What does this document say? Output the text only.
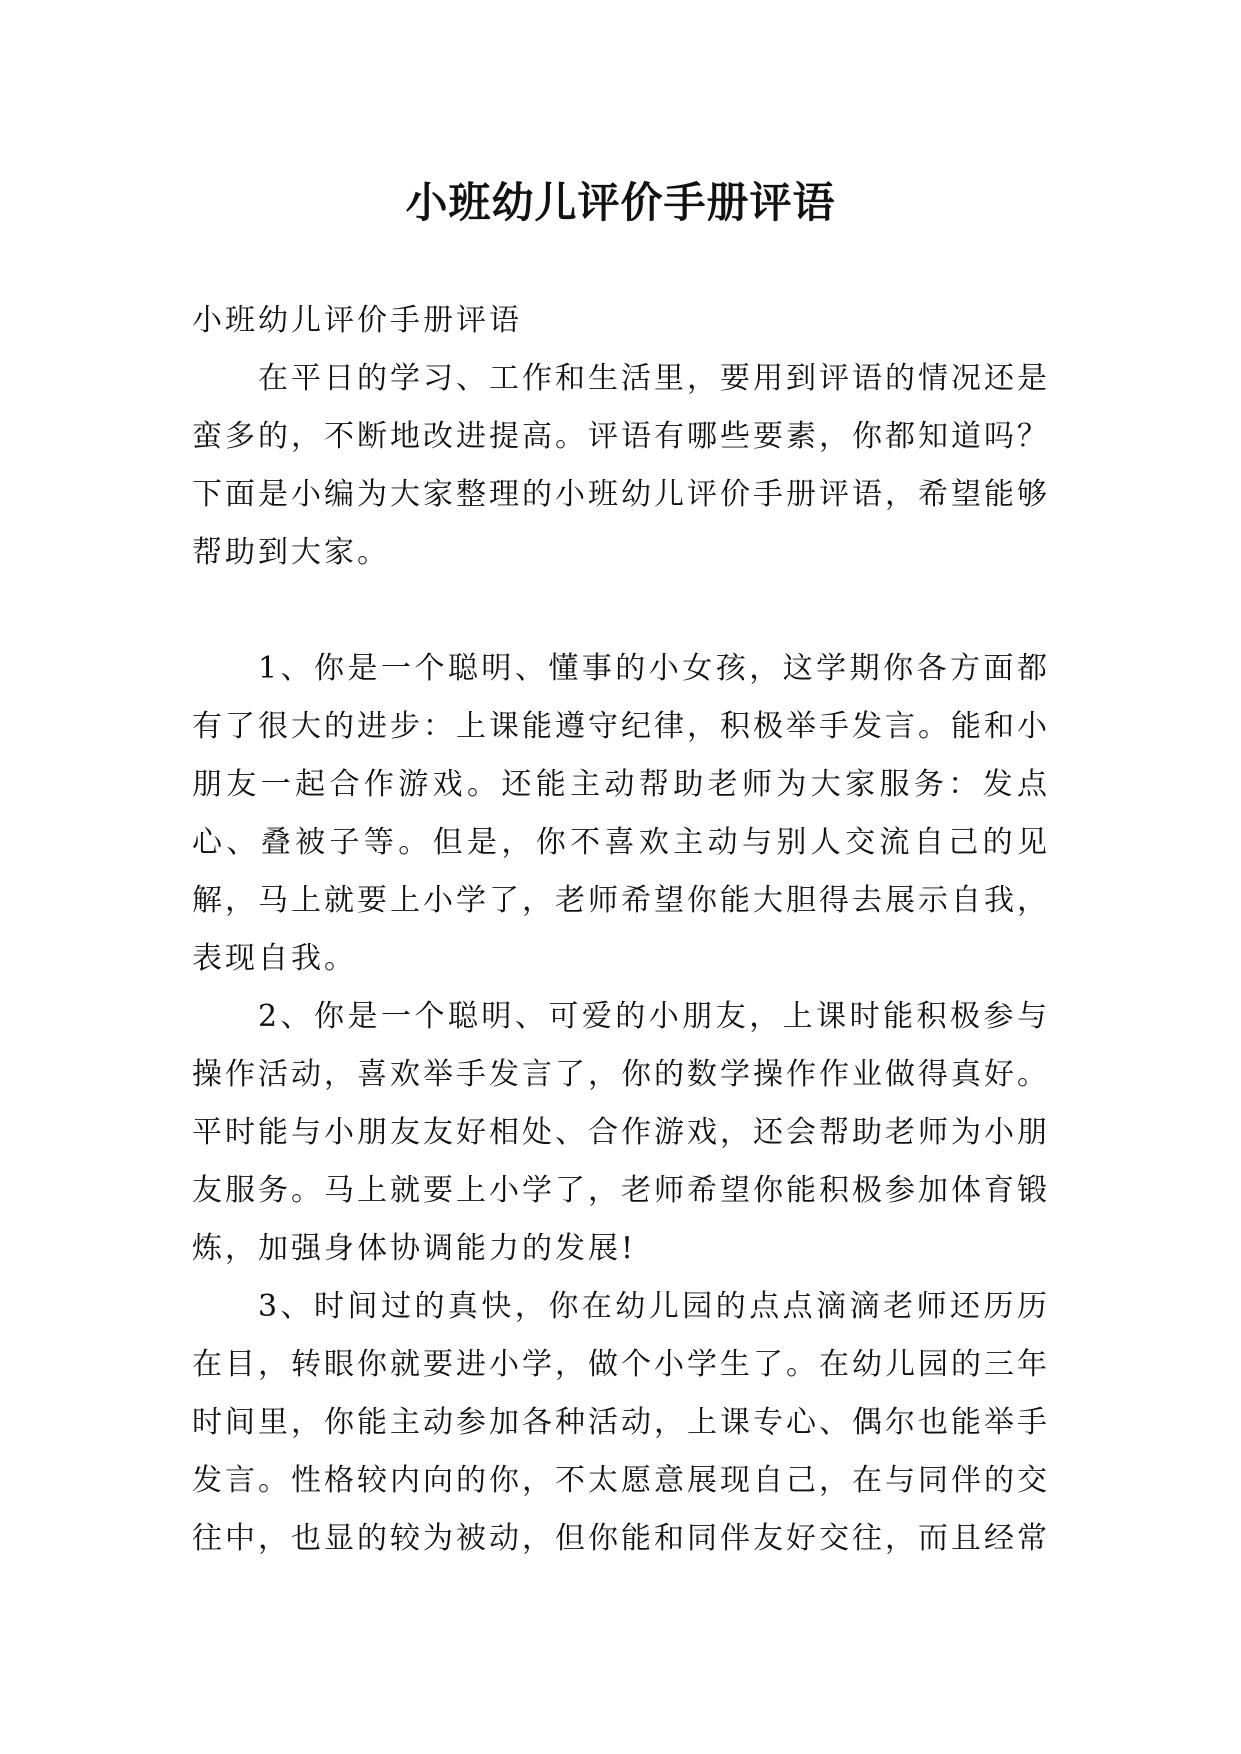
小班幼儿评价手册评语

小班幼儿评价手册评语

在平日的学习、工作和生活里，要用到评语的情况还是蛮多的，不断地改进提高。评语有哪些要素，你都知道吗？下面是小编为大家整理的小班幼儿评价手册评语，希望能够帮助到大家。

1、你是一个聪明、懂事的小女孩，这学期你各方面都有了很大的进步：上课能遵守纪律，积极举手发言。能和小朋友一起合作游戏。还能主动帮助老师为大家服务：发点心、叠被子等。但是，你不喜欢主动与别人交流自己的见解，马上就要上小学了，老师希望你能大胆得去展示自我，表现自我。

2、你是一个聪明、可爱的小朋友，上课时能积极参与操作活动，喜欢举手发言了，你的数学操作作业做得真好。平时能与小朋友友好相处、合作游戏，还会帮助老师为小朋友服务。马上就要上小学了，老师希望你能积极参加体育锻炼，加强身体协调能力的发展!

3、时间过的真快，你在幼儿园的点点滴滴老师还历历在目，转眼你就要进小学，做个小学生了。在幼儿园的三年时间里，你能主动参加各种活动，上课专心、偶尔也能举手发言。性格较内向的你，不太愿意展现自己，在与同伴的交往中，也显的较为被动，但你能和同伴友好交往，而且经常
